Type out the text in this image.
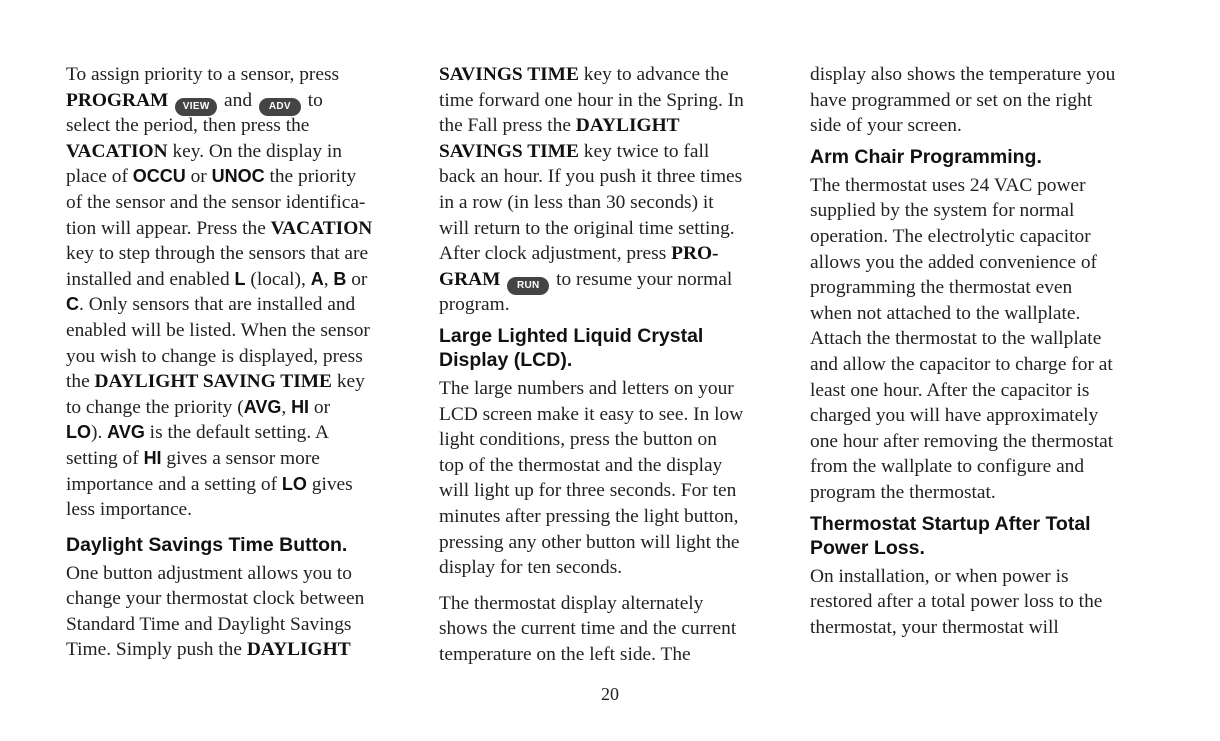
To assign priority to a sensor, press
PROGRAM VIEW and ADV to
select the period, then press the
VACATION key. On the display in
place of OCCU or UNOC the priority
of the sensor and the sensor identifica-
tion will appear. Press the VACATION
key to step through the sensors that are
installed and enabled L (local), A, B or
C. Only sensors that are installed and
enabled will be listed. When the sensor
you wish to change is displayed, press
the DAYLIGHT SAVING TIME key
to change the priority (AVG, HI or
LO). AVG is the default setting. A
setting of HI gives a sensor more
importance and a setting of LO gives
less importance.
Daylight Savings Time Button.
One button adjustment allows you to
change your thermostat clock between
Standard Time and Daylight Savings
Time. Simply push the DAYLIGHT
SAVINGS TIME key to advance the
time forward one hour in the Spring. In
the Fall press the DAYLIGHT
SAVINGS TIME key twice to fall
back an hour. If you push it three times
in a row (in less than 30 seconds) it
will return to the original time setting.
After clock adjustment, press PRO-
GRAM RUN to resume your normal
program.
Large Lighted Liquid Crystal
Display (LCD).
The large numbers and letters on your
LCD screen make it easy to see. In low
light conditions, press the button on
top of the thermostat and the display
will light up for three seconds. For ten
minutes after pressing the light button,
pressing any other button will light the
display for ten seconds.
The thermostat display alternately
shows the current time and the current
temperature on the left side. The
display also shows the temperature you
have programmed or set on the right
side of your screen.
Arm Chair Programming.
The thermostat uses 24 VAC power
supplied by the system for normal
operation. The electrolytic capacitor
allows you the added convenience of
programming the thermostat even
when not attached to the wallplate.
Attach the thermostat to the wallplate
and allow the capacitor to charge for at
least one hour. After the capacitor is
charged you will have approximately
one hour after removing the thermostat
from the wallplate to configure and
program the thermostat.
Thermostat Startup After Total
Power Loss.
On installation, or when power is
restored after a total power loss to the
thermostat, your thermostat will
20
